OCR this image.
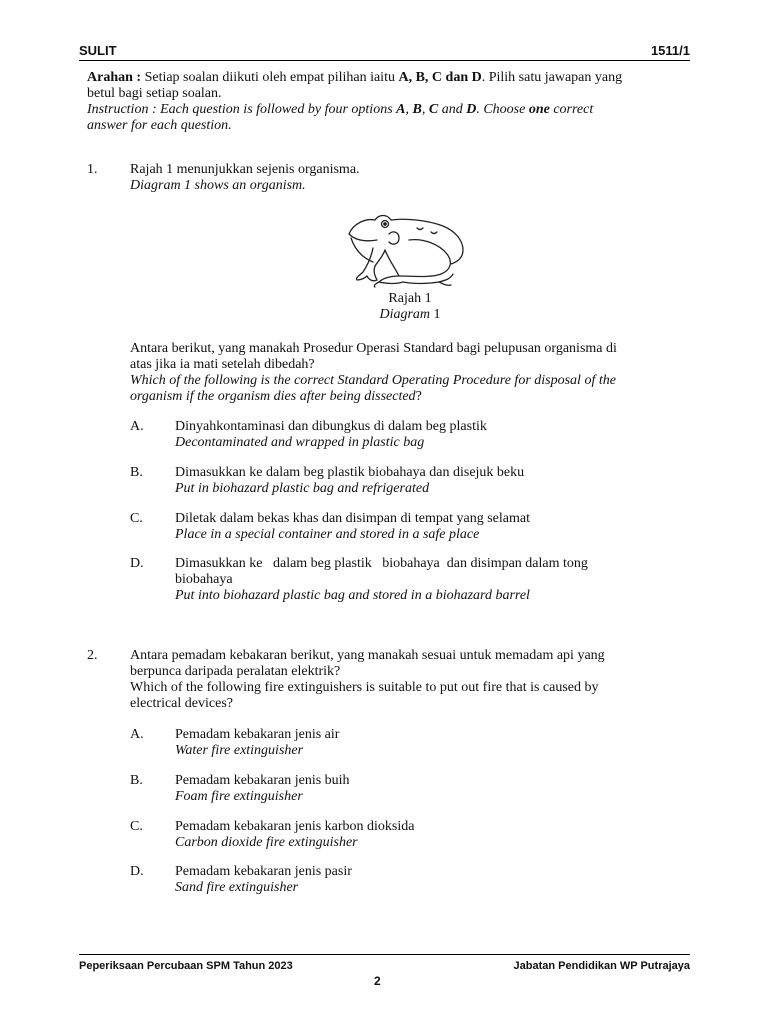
SULIT	1511/1
Arahan : Setiap soalan diikuti oleh empat pilihan iaitu A, B, C dan D. Pilih satu jawapan yang
betul bagi setiap soalan.
Instruction : Each question is followed by four options A, B, C and D. Choose one correct
answer for each question.
1. Rajah 1 menunjukkan sejenis organisma.
Diagram 1 shows an organism.
Rajah 1
Diagram 1
Antara berikut, yang manakah Prosedur Operasi Standard bagi pelupusan organisma di
atas jika ia mati setelah dibedah?
Which of the following is the correct Standard Operating Procedure for disposal of the
organism if the organism dies after being dissected?
A. Dinyahkontaminasi dan dibungkus di dalam beg plastik
Decontaminated and wrapped in plastic bag
B. Dimasukkan ke dalam beg plastik biobahaya dan disejuk beku
Put in biohazard plastic bag and refrigerated
C. Diletak dalam bekas khas dan disimpan di tempat yang selamat
Place in a special container and stored in a safe place
D. Dimasukkan ke   dalam beg plastik   biobahaya  dan disimpan dalam tong
biobahaya
Put into biohazard plastic bag and stored in a biohazard barrel
2. Antara pemadam kebakaran berikut, yang manakah sesuai untuk memadam api yang
berpunca daripada peralatan elektrik?
Which of the following fire extinguishers is suitable to put out fire that is caused by
electrical devices?
A. Pemadam kebakaran jenis air
Water fire extinguisher
B. Pemadam kebakaran jenis buih
Foam fire extinguisher
C. Pemadam kebakaran jenis karbon dioksida
Carbon dioxide fire extinguisher
D. Pemadam kebakaran jenis pasir
Sand fire extinguisher
Peperiksaan Percubaan SPM Tahun 2023	Jabatan Pendidikan WP Putrajaya
2
